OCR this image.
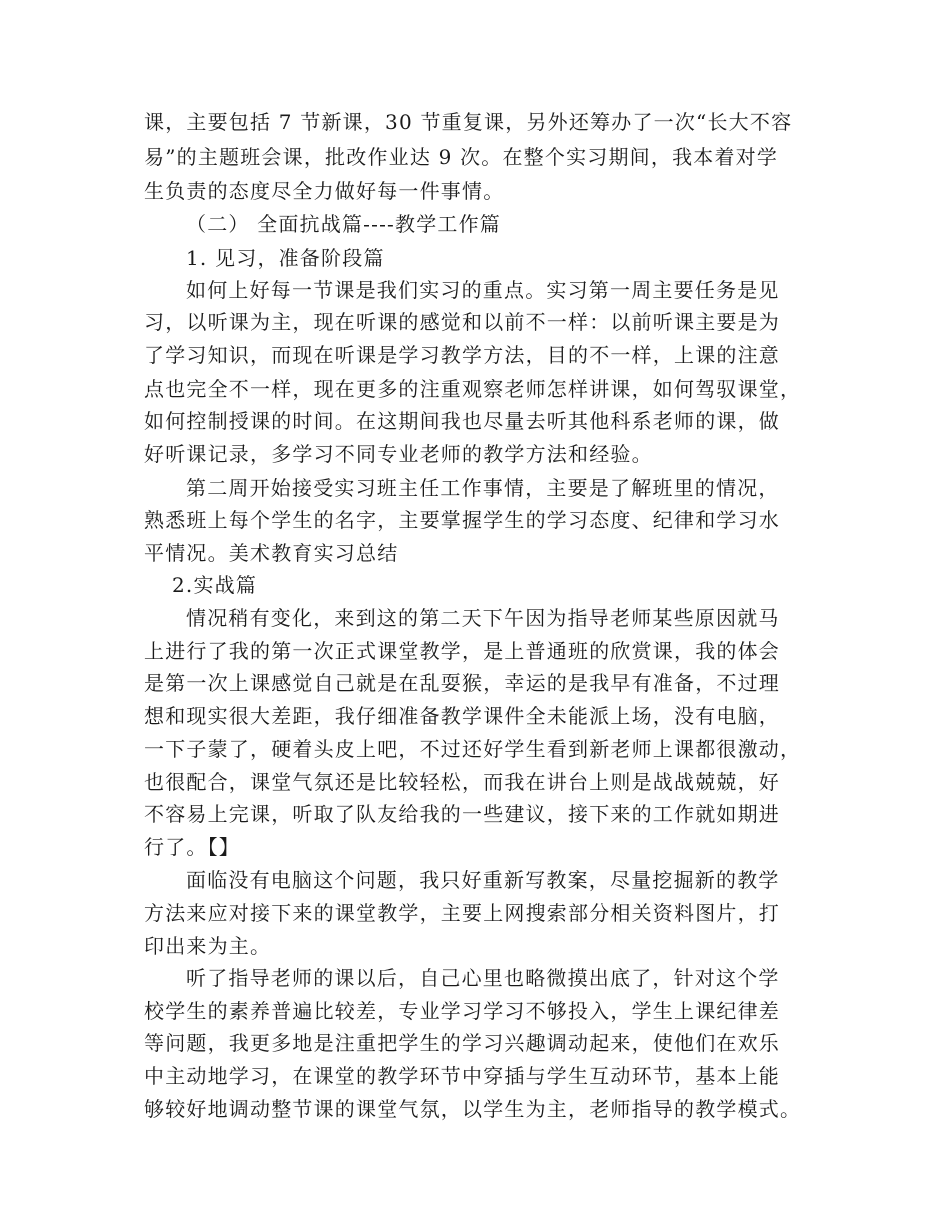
课，主要包括 7 节新课，30 节重复课，另外还筹办了一次“长大不容
易”的主题班会课，批改作业达 9 次。在整个实习期间，我本着对学
生负责的态度尽全力做好每一件事情。
（二） 全面抗战篇----教学工作篇
1. 见习，准备阶段篇
如何上好每一节课是我们实习的重点。实习第一周主要任务是见
习，以听课为主，现在听课的感觉和以前不一样：以前听课主要是为
了学习知识，而现在听课是学习教学方法，目的不一样，上课的注意
点也完全不一样，现在更多的注重观察老师怎样讲课，如何驾驭课堂，
如何控制授课的时间。在这期间我也尽量去听其他科系老师的课，做
好听课记录，多学习不同专业老师的教学方法和经验。
第二周开始接受实习班主任工作事情，主要是了解班里的情况，
熟悉班上每个学生的名字，主要掌握学生的学习态度、纪律和学习水
平情况。美术教育实习总结
2.实战篇
情况稍有变化，来到这的第二天下午因为指导老师某些原因就马
上进行了我的第一次正式课堂教学，是上普通班的欣赏课，我的体会
是第一次上课感觉自己就是在乱耍猴，幸运的是我早有准备，不过理
想和现实很大差距，我仔细准备教学课件全未能派上场，没有电脑，
一下子蒙了，硬着头皮上吧，不过还好学生看到新老师上课都很激动，
也很配合，课堂气氛还是比较轻松，而我在讲台上则是战战兢兢，好
不容易上完课，听取了队友给我的一些建议，接下来的工作就如期进
行了。【】
面临没有电脑这个问题，我只好重新写教案，尽量挖掘新的教学
方法来应对接下来的课堂教学，主要上网搜索部分相关资料图片，打
印出来为主。
听了指导老师的课以后，自己心里也略微摸出底了，针对这个学
校学生的素养普遍比较差，专业学习学习不够投入，学生上课纪律差
等问题，我更多地是注重把学生的学习兴趣调动起来，使他们在欢乐
中主动地学习，在课堂的教学环节中穿插与学生互动环节，基本上能
够较好地调动整节课的课堂气氛，以学生为主，老师指导的教学模式。
